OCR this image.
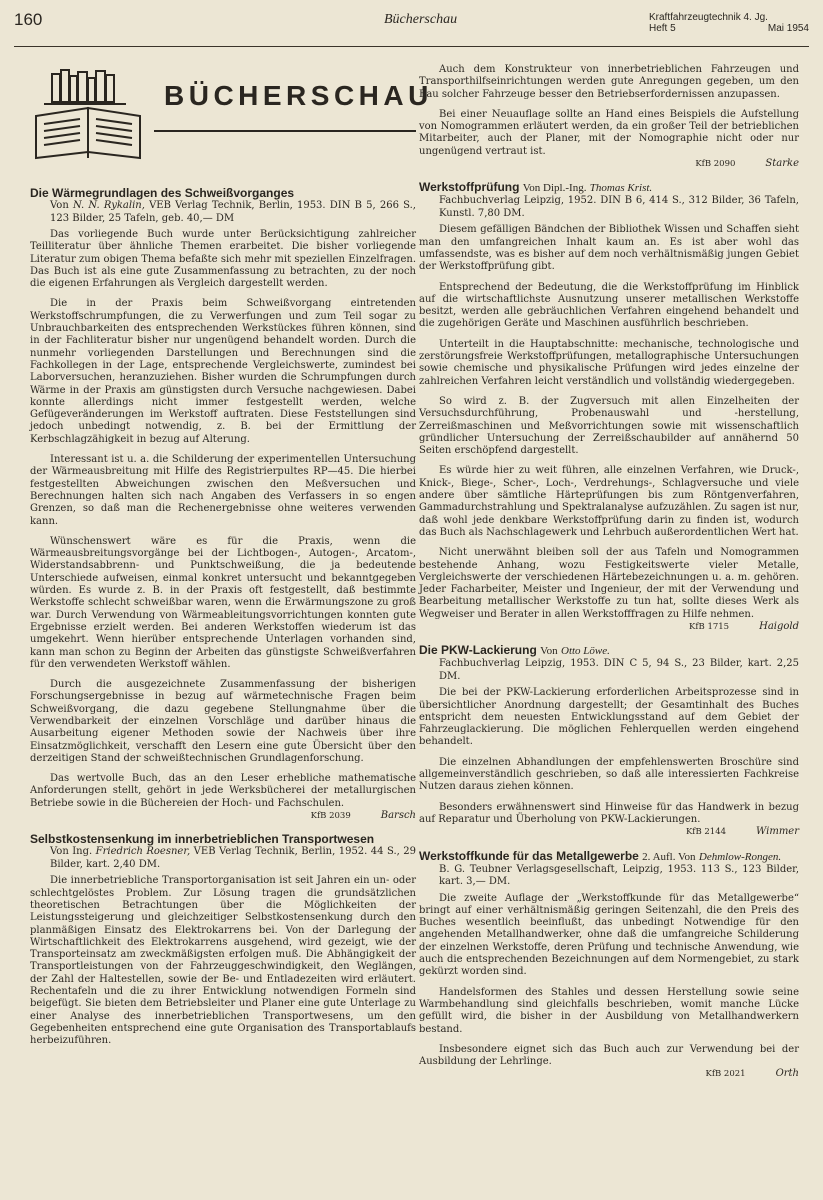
160	Bücherschau	Kraftfahrzeugtechnik 4. Jg.
Heft 5	Mai 1954
BÜCHERSCHAU
Die Wärmegrundlagen des Schweißvorganges
Von N. N. Rykalin, VEB Verlag Technik, Berlin, 1953. DIN B 5, 266 S., 123 Bilder, 25 Tafeln, geb. 40,— DM

Das vorliegende Buch wurde unter Berücksichtigung zahlreicher Teilliteratur über ähnliche Themen erarbeitet. Die bisher vorliegende Literatur zum obigen Thema befaßte sich mehr mit speziellen Einzelfragen. Das Buch ist als eine gute Zusammenfassung zu betrachten, zu der noch die eigenen Erfahrungen als Vergleich dargestellt werden.

Die in der Praxis beim Schweißvorgang eintretenden Werkstoffschrumpfungen, die zu Verwerfungen und zum Teil sogar zu Unbrauchbarkeiten des entsprechenden Werkstückes führen können, sind in der Fachliteratur bisher nur ungenügend behandelt worden. Durch die nunmehr vorliegenden Darstellungen und Berechnungen sind die Fachkollegen in der Lage, entsprechende Vergleichswerte, zumindest bei Laborversuchen, heranzuziehen. Bisher wurden die Schrumpfungen durch Wärme in der Praxis am günstigsten durch Versuche nachgewiesen. Dabei konnte allerdings nicht immer festgestellt werden, welche Gefügeveränderungen im Werkstoff auftraten. Diese Feststellungen sind jedoch unbedingt notwendig, z. B. bei der Ermittlung der Kerbschlagzähigkeit in bezug auf Alterung.

Interessant ist u. a. die Schilderung der experimentellen Untersuchung der Wärmeausbreitung mit Hilfe des Registrierpultes RP—45. Die hierbei festgestellten Abweichungen zwischen den Meßversuchen und Berechnungen halten sich nach Angaben des Verfassers in so engen Grenzen, so daß man die Rechenergebnisse ohne weiteres verwenden kann.

Wünschenswert wäre es für die Praxis, wenn die Wärmeausbreitungsvorgänge bei der Lichtbogen-, Autogen-, Arcatom-, Widerstandsabbrenn- und Punktschweißung, die ja bedeutende Unterschiede aufweisen, einmal konkret untersucht und bekanntgegeben würden. Es wurde z. B. in der Praxis oft festgestellt, daß bestimmte Werkstoffe schlecht schweißbar waren, wenn die Erwärmungszone zu groß war. Durch Verwendung von Wärmeableitungsvorrichtungen konnten gute Ergebnisse erzielt werden. Bei anderen Werkstoffen wiederum ist das umgekehrt. Wenn hierüber entsprechende Unterlagen vorhanden sind, kann man schon zu Beginn der Arbeiten das günstigste Schweißverfahren für den verwendeten Werkstoff wählen.

Durch die ausgezeichnete Zusammenfassung der bisherigen Forschungsergebnisse in bezug auf wärmetechnische Fragen beim Schweißvorgang, die dazu gegebene Stellungnahme über die Verwendbarkeit der einzelnen Vorschläge und darüber hinaus die Ausarbeitung eigener Methoden sowie der Nachweis über ihre Einsatzmöglichkeit, verschafft den Lesern eine gute Übersicht über den derzeitigen Stand der schweißtechnischen Grundlagenforschung.

Das wertvolle Buch, das an den Leser erhebliche mathematische Anforderungen stellt, gehört in jede Werksbücherei der metallurgischen Betriebe sowie in die Büchereien der Hoch- und Fachschulen.

KfB 2039	Barsch
Selbstkostensenkung im innerbetrieblichen Transportwesen
Von Ing. Friedrich Roesner, VEB Verlag Technik, Berlin, 1952. 44 S., 29 Bilder, kart. 2,40 DM.

Die innerbetriebliche Transportorganisation ist seit Jahren ein un- oder schlechtgelöstes Problem. Zur Lösung tragen die grundsätzlichen theoretischen Betrachtungen über die Möglichkeiten der Leistungssteigerung und gleichzeitiger Selbstkostensenkung durch den planmäßigen Einsatz des Elektrokarrens bei. Von der Darlegung der Wirtschaftlichkeit des Elektrokarrens ausgehend, wird gezeigt, wie der Transporteinsatz am zweckmäßigsten erfolgen muß. Die Abhängigkeit der Transportleistungen von der Fahrzeuggeschwindigkeit, den Weglängen, der Zahl der Haltestellen, sowie der Be- und Entladezeiten wird erläutert. Rechentafeln und die zu ihrer Entwicklung notwendigen Formeln sind beigefügt. Sie bieten dem Betriebsleiter und Planer eine gute Unterlage zu einer Analyse des innerbetrieblichen Transportwesens, um den Gegebenheiten entsprechend eine gute Organisation des Transportablaufs herbeizuführen.

Auch dem Konstrukteur von innerbetrieblichen Fahrzeugen und Transporthilfseinrichtungen werden gute Anregungen gegeben, um den Bau solcher Fahrzeuge besser den Betriebserfordernissen anzupassen.

Bei einer Neuauflage sollte an Hand eines Beispiels die Aufstellung von Nomogrammen erläutert werden, da ein großer Teil der betrieblichen Mitarbeiter, auch der Planer, mit der Nomographie nicht oder nur ungenügend vertraut ist.

KfB 2090	Starke
Werkstoffprüfung Von Dipl.-Ing. Thomas Krist.
Fachbuchverlag Leipzig, 1952. DIN B 6, 414 S., 312 Bilder, 36 Tafeln, Kunstl. 7,80 DM.

Diesem gefälligen Bändchen der Bibliothek Wissen und Schaffen sieht man den umfangreichen Inhalt kaum an. Es ist aber wohl das umfassendste, was es bisher auf dem noch verhältnismäßig jungen Gebiet der Werkstoffprüfung gibt.

Entsprechend der Bedeutung, die die Werkstoffprüfung im Hinblick auf die wirtschaftlichste Ausnutzung unserer metallischen Werkstoffe besitzt, werden alle gebräuchlichen Verfahren eingehend behandelt und die zugehörigen Geräte und Maschinen ausführlich beschrieben.

Unterteilt in die Hauptabschnitte: mechanische, technologische und zerstörungsfreie Werkstoffprüfungen, metallographische Untersuchungen sowie chemische und physikalische Prüfungen wird jedes einzelne der zahlreichen Verfahren leicht verständlich und vollständig wiedergegeben.

So wird z. B. der Zugversuch mit allen Einzelheiten der Versuchsdurchführung, Probenauswahl und -herstellung, Zerreißmaschinen und Meßvorrichtungen sowie mit wissenschaftlich gründlicher Untersuchung der Zerreißschaubilder auf annähernd 50 Seiten erschöpfend dargestellt.

Es würde hier zu weit führen, alle einzelnen Verfahren, wie Druck-, Knick-, Biege-, Scher-, Loch-, Verdrehungs-, Schlagversuche und viele andere über sämtliche Härteprüfungen bis zum Röntgenverfahren, Gammadurchstrahlung und Spektralanalyse aufzuzählen. Zu sagen ist nur, daß wohl jede denkbare Werkstoffprüfung darin zu finden ist, wodurch das Buch als Nachschlagewerk und Lehrbuch außerordentlichen Wert hat.

Nicht unerwähnt bleiben soll der aus Tafeln und Nomogrammen bestehende Anhang, wozu Festigkeitswerte vieler Metalle, Vergleichswerte der verschiedenen Härtebezeichnungen u. a. m. gehören. Jeder Facharbeiter, Meister und Ingenieur, der mit der Verwendung und Bearbeitung metallischer Werkstoffe zu tun hat, sollte dieses Werk als Wegweiser und Berater in allen Werkstofffragen zu Hilfe nehmen.

KfB 1715	Haigold
Die PKW-Lackierung Von Otto Löwe.
Fachbuchverlag Leipzig, 1953. DIN C 5, 94 S., 23 Bilder, kart. 2,25 DM.

Die bei der PKW-Lackierung erforderlichen Arbeitsprozesse sind in übersichtlicher Anordnung dargestellt; der Gesamtinhalt des Buches entspricht dem neuesten Entwicklungsstand auf dem Gebiet der Fahrzeuglackierung. Die möglichen Fehlerquellen werden eingehend behandelt.

Die einzelnen Abhandlungen der empfehlenswerten Broschüre sind allgemeinverständlich geschrieben, so daß alle interessierten Fachkreise Nutzen daraus ziehen können.

Besonders erwähnenswert sind Hinweise für das Handwerk in bezug auf Reparatur und Überholung von PKW-Lackierungen.

KfB 2144	Wimmer
Werkstoffkunde für das Metallgewerbe 2. Aufl. Von Dehmlow-Rongen.
B. G. Teubner Verlagsgesellschaft, Leipzig, 1953. 113 S., 123 Bilder, kart. 3,— DM.

Die zweite Auflage der „Werkstoffkunde für das Metallgewerbe“ bringt auf einer verhältnismäßig geringen Seitenzahl, die den Preis des Buches wesentlich beeinflußt, das unbedingt Notwendige für den angehenden Metallhandwerker, ohne daß die umfangreiche Schilderung der einzelnen Werkstoffe, deren Prüfung und technische Anwendung, wie auch die entsprechenden Bezeichnungen auf dem Normengebiet, zu stark gekürzt worden sind.

Handelsformen des Stahles und dessen Herstellung sowie seine Warmbehandlung sind gleichfalls beschrieben, womit manche Lücke gefüllt wird, die bisher in der Ausbildung von Metallhandwerkern bestand.

Insbesondere eignet sich das Buch auch zur Verwendung bei der Ausbildung der Lehrlinge.

KfB 2021	Orth
